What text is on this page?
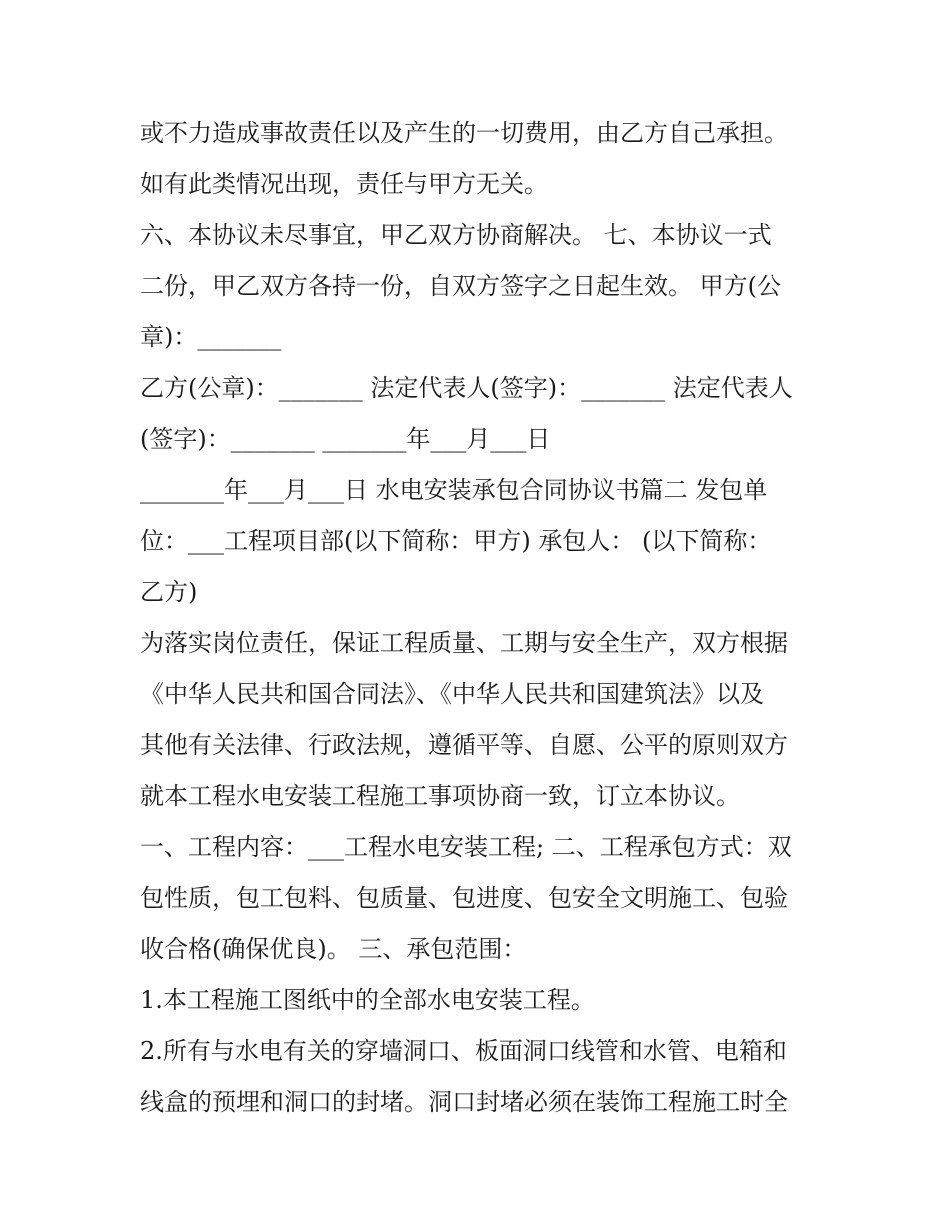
或不力造成事故责任以及产生的一切费用，由乙方自己承担。
如有此类情况出现，责任与甲方无关。
六、本协议未尽事宜，甲乙双方协商解决。 七、本协议一式
二份，甲乙双方各持一份，自双方签字之日起生效。 甲方(公
章)：_______
乙方(公章)：_______ 法定代表人(签字)：_______ 法定代表人
(签字)：_______ _______年___月___日
_______年___月___日 水电安装承包合同协议书篇二 发包单
位：___工程项目部(以下简称：甲方) 承包人： (以下简称：
乙方)
为落实岗位责任，保证工程质量、工期与安全生产，双方根据
《中华人民共和国合同法》、《中华人民共和国建筑法》以及
其他有关法律、行政法规，遵循平等、自愿、公平的原则双方
就本工程水电安装工程施工事项协商一致，订立本协议。
一、工程内容：___工程水电安装工程; 二、工程承包方式：双
包性质，包工包料、包质量、包进度、包安全文明施工、包验
收合格(确保优良)。 三、承包范围：
1.本工程施工图纸中的全部水电安装工程。
2.所有与水电有关的穿墙洞口、板面洞口线管和水管、电箱和
线盒的预埋和洞口的封堵。洞口封堵必须在装饰工程施工时全
